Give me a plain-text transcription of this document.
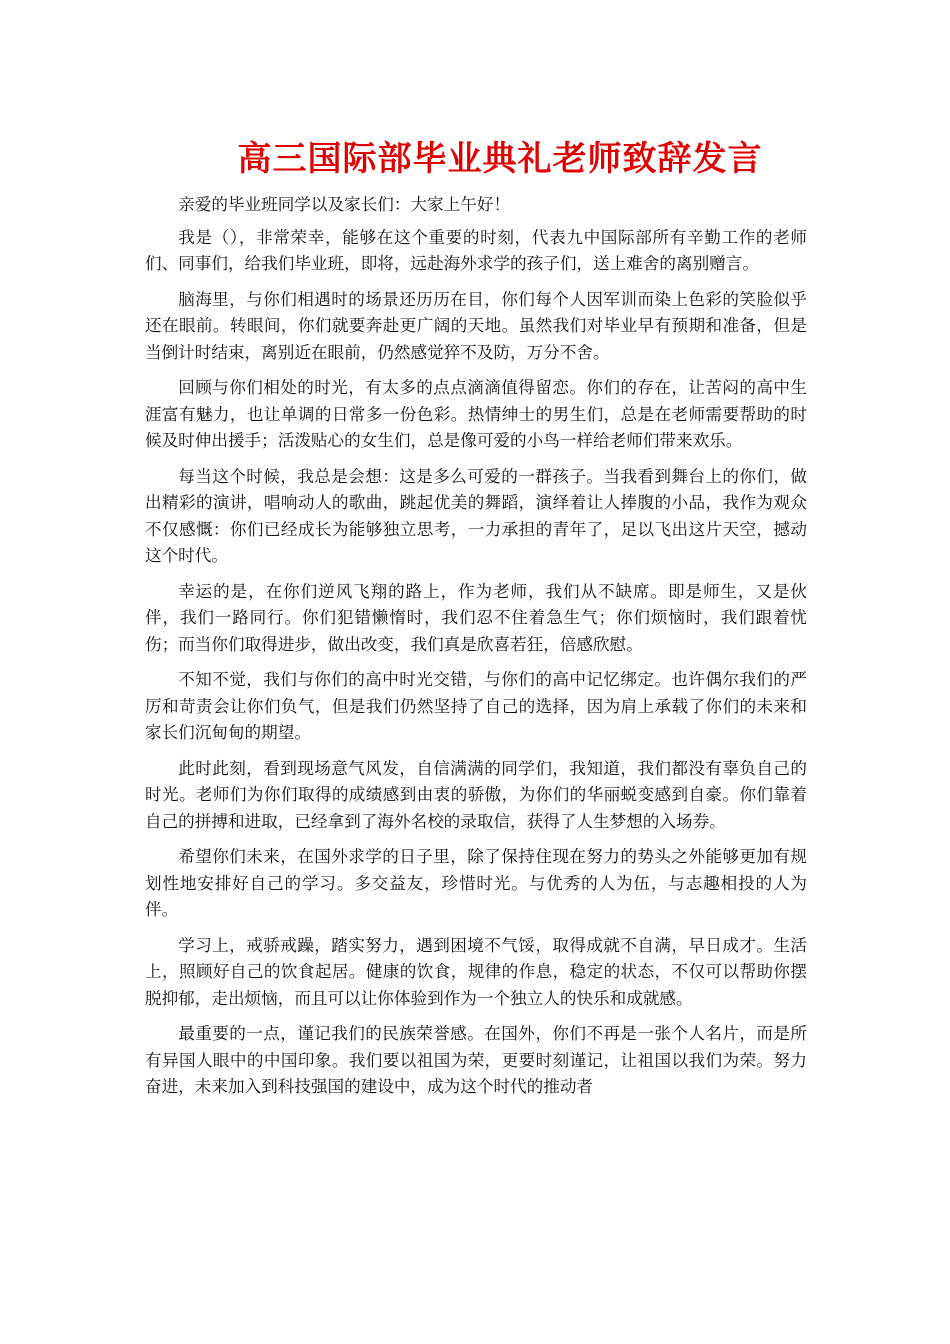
高三国际部毕业典礼老师致辞发言

亲爱的毕业班同学以及家长们：大家上午好！

我是（），非常荣幸，能够在这个重要的时刻，代表九中国际部所有辛勤工作的老师们、同事们，给我们毕业班，即将，远赴海外求学的孩子们，送上难舍的离别赠言。

脑海里，与你们相遇时的场景还历历在目，你们每个人因军训而染上色彩的笑脸似乎还在眼前。转眼间，你们就要奔赴更广阔的天地。虽然我们对毕业早有预期和准备，但是当倒计时结束，离别近在眼前，仍然感觉猝不及防，万分不舍。

回顾与你们相处的时光，有太多的点点滴滴值得留恋。你们的存在，让苦闷的高中生涯富有魅力，也让单调的日常多一份色彩。热情绅士的男生们，总是在老师需要帮助的时候及时伸出援手；活泼贴心的女生们，总是像可爱的小鸟一样给老师们带来欢乐。

每当这个时候，我总是会想：这是多么可爱的一群孩子。当我看到舞台上的你们，做出精彩的演讲，唱响动人的歌曲，跳起优美的舞蹈，演绎着让人捧腹的小品，我作为观众不仅感慨：你们已经成长为能够独立思考，一力承担的青年了，足以飞出这片天空，撼动这个时代。

幸运的是，在你们逆风飞翔的路上，作为老师，我们从不缺席。即是师生，又是伙伴，我们一路同行。你们犯错懒惰时，我们忍不住着急生气；你们烦恼时，我们跟着忧伤；而当你们取得进步，做出改变，我们真是欣喜若狂，倍感欣慰。

不知不觉，我们与你们的高中时光交错，与你们的高中记忆绑定。也许偶尔我们的严厉和苛责会让你们负气，但是我们仍然坚持了自己的选择，因为肩上承载了你们的未来和家长们沉甸甸的期望。

此时此刻，看到现场意气风发，自信满满的同学们，我知道，我们都没有辜负自己的时光。老师们为你们取得的成绩感到由衷的骄傲，为你们的华丽蜕变感到自豪。你们靠着自己的拼搏和进取，已经拿到了海外名校的录取信，获得了人生梦想的入场券。

希望你们未来，在国外求学的日子里，除了保持住现在努力的势头之外能够更加有规划性地安排好自己的学习。多交益友，珍惜时光。与优秀的人为伍，与志趣相投的人为伴。

学习上，戒骄戒躁，踏实努力，遇到困境不气馁，取得成就不自满，早日成才。生活上，照顾好自己的饮食起居。健康的饮食，规律的作息，稳定的状态，不仅可以帮助你摆脱抑郁，走出烦恼，而且可以让你体验到作为一个独立人的快乐和成就感。

最重要的一点，谨记我们的民族荣誉感。在国外，你们不再是一张个人名片，而是所有异国人眼中的中国印象。我们要以祖国为荣，更要时刻谨记，让祖国以我们为荣。努力奋进，未来加入到科技强国的建设中，成为这个时代的推动者
